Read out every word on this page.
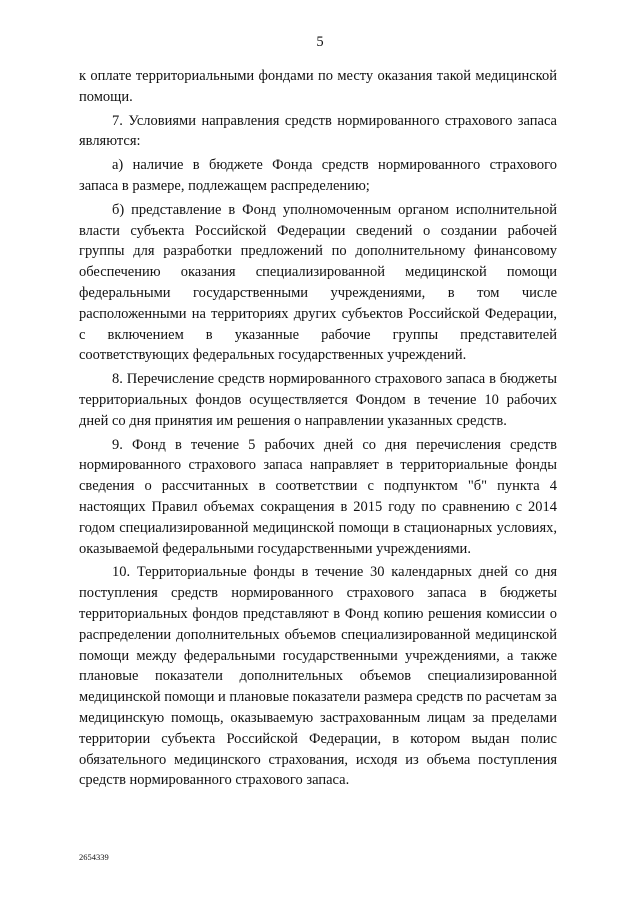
5

к оплате территориальными фондами по месту оказания такой медицинской помощи.

7. Условиями направления средств нормированного страхового запаса являются:

а) наличие в бюджете Фонда средств нормированного страхового запаса в размере, подлежащем распределению;

б) представление в Фонд уполномоченным органом исполнительной власти субъекта Российской Федерации сведений о создании рабочей группы для разработки предложений по дополнительному финансовому обеспечению оказания специализированной медицинской помощи федеральными государственными учреждениями, в том числе расположенными на территориях других субъектов Российской Федерации, с включением в указанные рабочие группы представителей соответствующих федеральных государственных учреждений.

8. Перечисление средств нормированного страхового запаса в бюджеты территориальных фондов осуществляется Фондом в течение 10 рабочих дней со дня принятия им решения о направлении указанных средств.

9. Фонд в течение 5 рабочих дней со дня перечисления средств нормированного страхового запаса направляет в территориальные фонды сведения о рассчитанных в соответствии с подпунктом "б" пункта 4 настоящих Правил объемах сокращения в 2015 году по сравнению с 2014 годом специализированной медицинской помощи в стационарных условиях, оказываемой федеральными государственными учреждениями.

10. Территориальные фонды в течение 30 календарных дней со дня поступления средств нормированного страхового запаса в бюджеты территориальных фондов представляют в Фонд копию решения комиссии о распределении дополнительных объемов специализированной медицинской помощи между федеральными государственными учреждениями, а также плановые показатели дополнительных объемов специализированной медицинской помощи и плановые показатели размера средств по расчетам за медицинскую помощь, оказываемую застрахованным лицам за пределами территории субъекта Российской Федерации, в котором выдан полис обязательного медицинского страхования, исходя из объема поступления средств нормированного страхового запаса.

2654339
